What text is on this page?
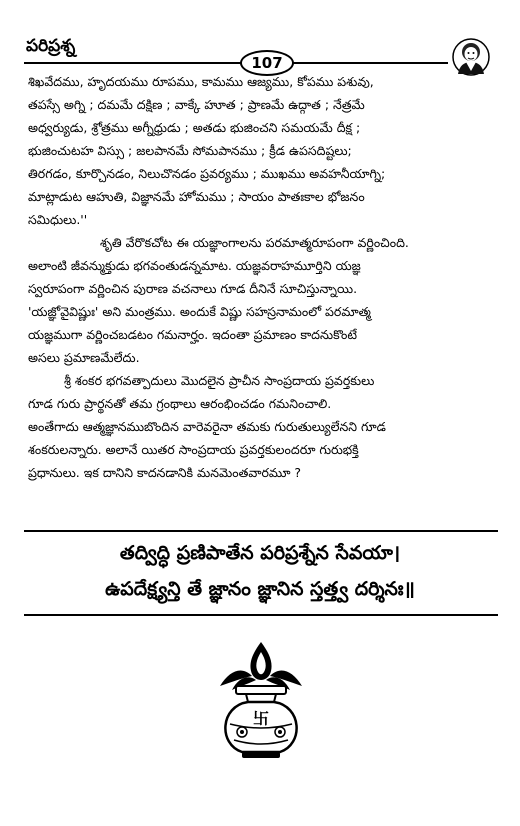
పరిప్రశ్న
107

శిఖవేదము, హృదయము రూపము, కామము ఆజ్యము, కోపము పశువు,
తపస్సే అగ్ని ; దమమే దక్షిణ ; వాక్కే హూత ; ప్రాణమే ఉద్గాత ; నేత్రమే
అధ్వర్యుడు, శ్రోత్రము అగ్నీధ్రుడు ; అతడు భుజించని సమయమే దీక్ష ;
భుజించుటహ విస్సు ; జలపానమే సోమపానము ; క్రీడ ఉపసదిష్టలు;
తిరగడం, కూర్చొనడం, నిలుచొనడం ప్రవర్యము ; ముఖము అవహనీయాగ్ని;
మాట్లాడుట ఆహుతి, విజ్ఞానమే హోమము ; సాయం పాతఃకాల భోజనం
సమిధులు.''

శృతి వేరొకచోట ఈ యజ్ఞాంగాలను పరమాత్మరూపంగా వర్ణించింది.
అలాంటి జీవన్ముక్తుడు భగవంతుడన్నమాట. యజ్ఞవరాహమూర్తిని యజ్ఞ
స్వరూపంగా వర్ణించిన పురాణ వచనాలు గూడ దీనినే సూచిస్తున్నాయి.
'యజ్ఞోవైవిష్ణుః' అని మంత్రము. అందుకే విష్ణు సహస్రనామంలో పరమాత్మ
యజ్ఞముగా వర్ణించబడటం గమనార్హం. ఇదంతా ప్రమాణం కాదనుకొంటే
అసలు ప్రమాణమేలేదు.

శ్రీ శంకర భగవత్పాదులు మొదలైన ప్రాచీన సాంప్రదాయ ప్రవర్తకులు
గూడ గురు ప్రార్థనతో తమ గ్రంథాలు ఆరంభించడం గమనించాలి.
అంతేగాదు ఆత్మజ్ఞానముబొందిన వారెవరైనా తమకు గురుతుల్యులేనని గూడ
శంకరులన్నారు. అలానే యితర సాంప్రదాయ ప్రవర్తకులందరూ గురుభక్తి
ప్రధానులు. ఇక దానిని కాదనడానికి మనమెంతవారమూ ?

తద్విద్ధి ప్రణిపాతేన పరిప్రశ్నేన సేవయా।
ఉపదేక్ష్యన్తి తే జ్ఞానం జ్ఞానిన స్తత్త్వ దర్శినః॥
卐
